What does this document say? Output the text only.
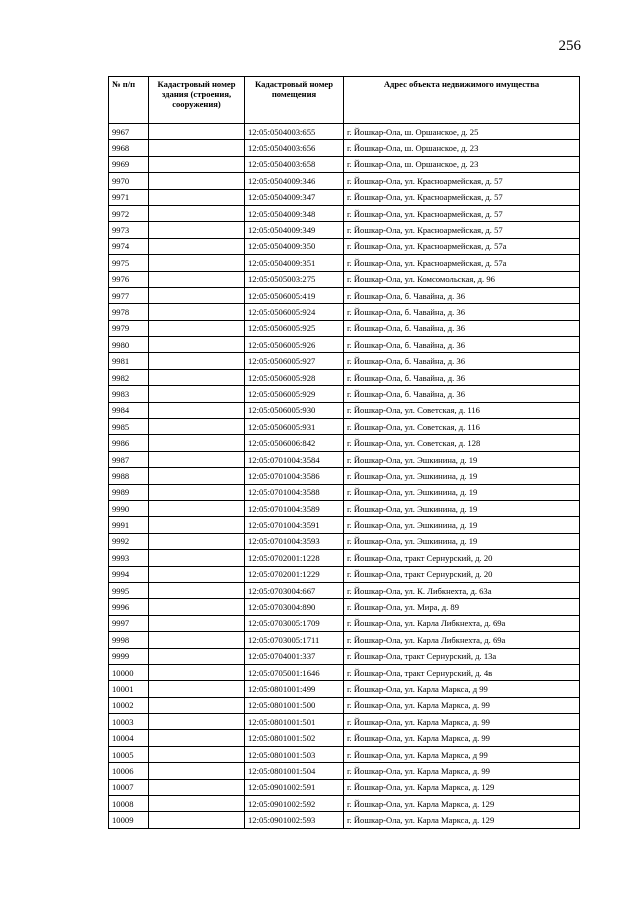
256
№ п/п	Кадастровый номер здания (строения, сооружения)	Кадастровый номер помещения	Адрес объекта недвижимого имущества
9967		12:05:0504003:655	г. Йошкар-Ола, ш. Оршанское, д. 25
9968		12:05:0504003:656	г. Йошкар-Ола, ш. Оршанское, д. 23
9969		12:05:0504003:658	г. Йошкар-Ола, ш. Оршанское, д. 23
9970		12:05:0504009:346	г. Йошкар-Ола, ул. Красноармейская, д. 57
9971		12:05:0504009:347	г. Йошкар-Ола, ул. Красноармейская, д. 57
9972		12:05:0504009:348	г. Йошкар-Ола, ул. Красноармейская, д. 57
9973		12:05:0504009:349	г. Йошкар-Ола, ул. Красноармейская, д. 57
9974		12:05:0504009:350	г. Йошкар-Ола, ул. Красноармейская, д. 57а
9975		12:05:0504009:351	г. Йошкар-Ола, ул. Красноармейская, д. 57а
9976		12:05:0505003:275	г. Йошкар-Ола, ул. Комсомольская, д. 96
9977		12:05:0506005:419	г. Йошкар-Ола, б. Чавайна, д. 36
9978		12:05:0506005:924	г. Йошкар-Ола, б. Чавайна, д. 36
9979		12:05:0506005:925	г. Йошкар-Ола, б. Чавайна, д. 36
9980		12:05:0506005:926	г. Йошкар-Ола, б. Чавайна, д. 36
9981		12:05:0506005:927	г. Йошкар-Ола, б. Чавайна, д. 36
9982		12:05:0506005:928	г. Йошкар-Ола, б. Чавайна, д. 36
9983		12:05:0506005:929	г. Йошкар-Ола, б. Чавайна, д. 36
9984		12:05:0506005:930	г. Йошкар-Ола, ул. Советская, д. 116
9985		12:05:0506005:931	г. Йошкар-Ола, ул. Советская, д. 116
9986		12:05:0506006:842	г. Йошкар-Ола, ул. Советская, д. 128
9987		12:05:0701004:3584	г. Йошкар-Ола, ул. Эшкинина, д. 19
9988		12:05:0701004:3586	г. Йошкар-Ола, ул. Эшкинина, д. 19
9989		12:05:0701004:3588	г. Йошкар-Ола, ул. Эшкинина, д. 19
9990		12:05:0701004:3589	г. Йошкар-Ола, ул. Эшкинина, д. 19
9991		12:05:0701004:3591	г. Йошкар-Ола, ул. Эшкинина, д. 19
9992		12:05:0701004:3593	г. Йошкар-Ола, ул. Эшкинина, д. 19
9993		12:05:0702001:1228	г. Йошкар-Ола, тракт Сернурский, д. 20
9994		12:05:0702001:1229	г. Йошкар-Ола, тракт Сернурский, д. 20
9995		12:05:0703004:667	г. Йошкар-Ола, ул. К. Либкнехта, д. 63а
9996		12:05:0703004:890	г. Йошкар-Ола, ул. Мира, д. 89
9997		12:05:0703005:1709	г. Йошкар-Ола, ул. Карла Либкнехта, д. 69а
9998		12:05:0703005:1711	г. Йошкар-Ола, ул. Карла Либкнехта, д. 69а
9999		12:05:0704001:337	г. Йошкар-Ола, тракт Сернурский, д. 13а
10000		12:05:0705001:1646	г. Йошкар-Ола, тракт Сернурский, д. 4в
10001		12:05:0801001:499	г. Йошкар-Ола, ул. Карла Маркса, д 99
10002		12:05:0801001:500	г. Йошкар-Ола, ул. Карла Маркса, д. 99
10003		12:05:0801001:501	г. Йошкар-Ола, ул. Карла Маркса, д. 99
10004		12:05:0801001:502	г. Йошкар-Ола, ул. Карла Маркса, д. 99
10005		12:05:0801001:503	г. Йошкар-Ола, ул. Карла Маркса, д 99
10006		12:05:0801001:504	г. Йошкар-Ола, ул. Карла Маркса, д. 99
10007		12:05:0901002:591	г. Йошкар-Ола, ул. Карла Маркса, д. 129
10008		12:05:0901002:592	г. Йошкар-Ола, ул. Карла Маркса, д. 129
10009		12:05:0901002:593	г. Йошкар-Ола, ул. Карла Маркса, д. 129
